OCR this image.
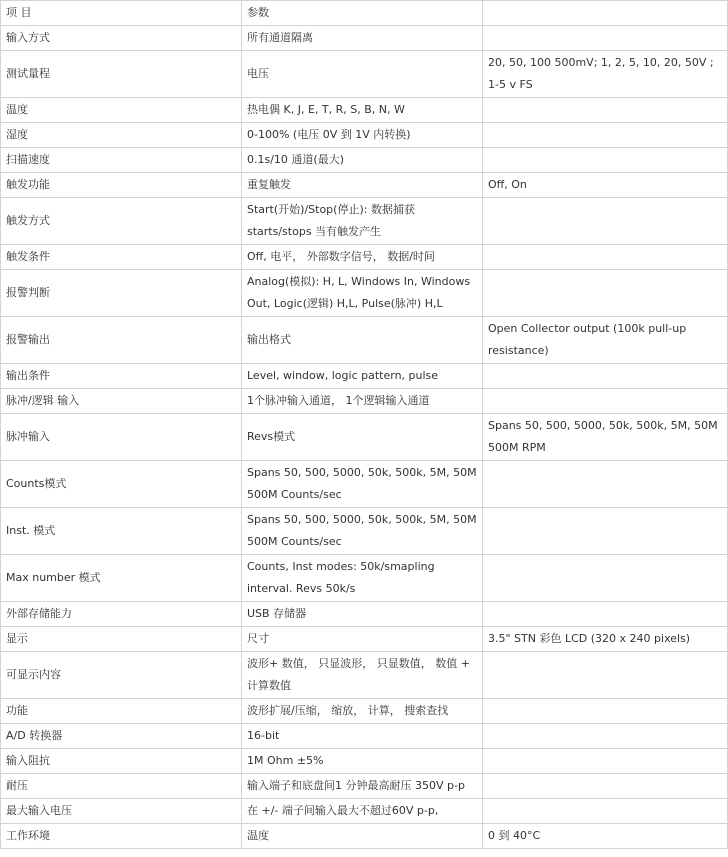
项 目	参数	
输入方式	所有通道隔离	
测试量程	电压	20, 50, 100 500mV; 1, 2, 5, 10, 20, 50V ; 1-5 v FS
温度	热电偶 K, J, E, T, R, S, B, N, W	
湿度	0-100% (电压 0V 到 1V 内转换)	
扫描速度	0.1s/10 通道(最大)	
触发功能	重复触发	Off, On
触发方式	Start(开始)/Stop(停止): 数据捕获starts/stops 当有触发产生	
触发条件	Off, 电平， 外部数字信号， 数据/时间	
报警判断	Analog(模拟): H, L, Windows In, Windows Out, Logic(逻辑) H,L, Pulse(脉冲) H,L	
报警输出	输出格式	Open Collector output (100k pull-up resistance)
输出条件	Level, window, logic pattern, pulse	
脉冲/逻辑 输入	1个脉冲输入通道， 1个逻辑输入通道	
脉冲输入	Revs模式	Spans 50, 500, 5000, 50k, 500k, 5M, 50M 500M RPM
Counts模式	Spans 50, 500, 5000, 50k, 500k, 5M, 50M 500M Counts/sec	
Inst. 模式	Spans 50, 500, 5000, 50k, 500k, 5M, 50M 500M Counts/sec	
Max number 模式	Counts, Inst modes: 50k/smapling interval. Revs 50k/s	
外部存储能力	USB 存储器	
显示	尺寸	3.5" STN 彩色 LCD (320 x 240 pixels)
可显示内容	波形+ 数值， 只显波形， 只显数值， 数值 + 计算数值	
功能	波形扩展/压缩， 缩放， 计算， 搜索查找	
A/D 转换器	16-bit	
输入阻抗	1M Ohm ±5%	
耐压	输入端子和底盘间1 分钟最高耐压 350V p-p	
最大输入电压	在 +/- 端子间输入最大不超过60V p-p,	
工作环境	温度	0 到 40°C
